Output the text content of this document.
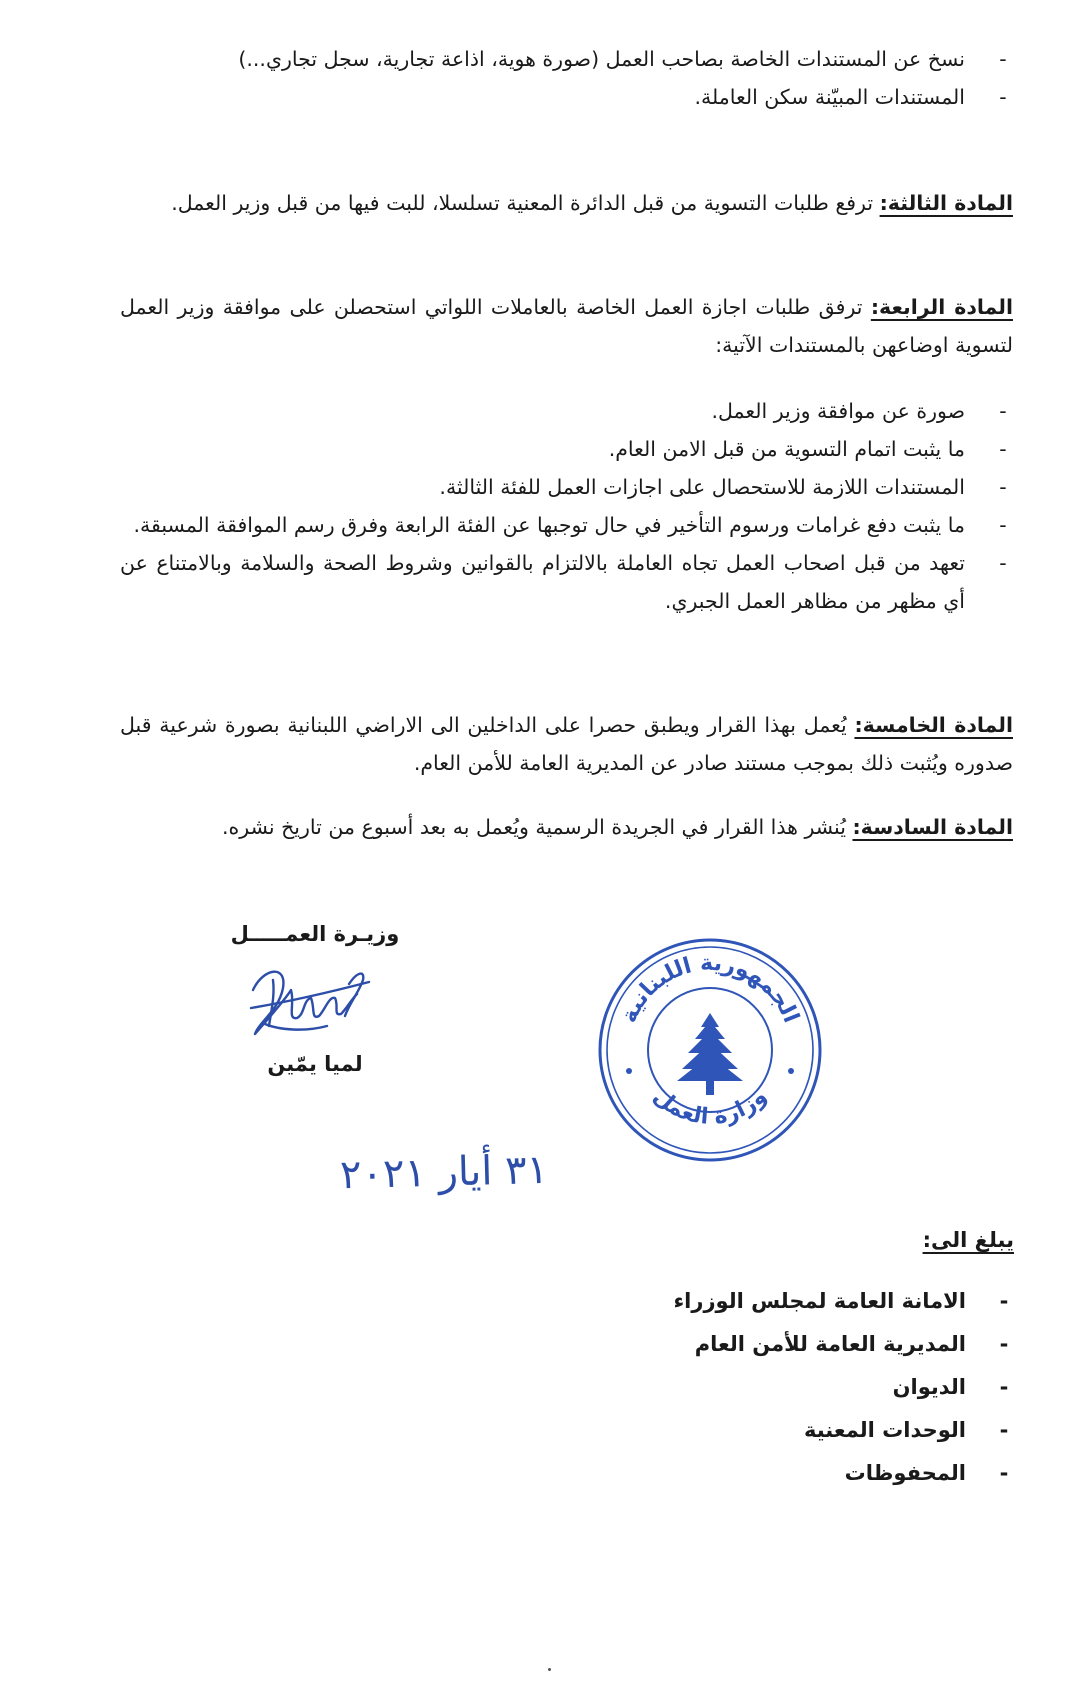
-
نسخ عن المستندات الخاصة بصاحب العمل (صورة هوية، اذاعة تجارية، سجل تجاري...)
-
المستندات المبيّنة سكن العاملة.
المادة الثالثة: ترفع طلبات التسوية من قبل الدائرة المعنية تسلسلا، للبت فيها من قبل وزير العمل.
المادة الرابعة: ترفق طلبات اجازة العمل الخاصة بالعاملات اللواتي استحصلن على موافقة وزير العمل لتسوية اوضاعهن بالمستندات الآتية:
-
صورة عن موافقة وزير العمل.
-
ما يثبت اتمام التسوية من قبل الامن العام.
-
المستندات اللازمة للاستحصال على اجازات العمل للفئة الثالثة.
-
ما يثبت دفع غرامات ورسوم التأخير في حال توجبها عن الفئة الرابعة وفرق رسم الموافقة المسبقة.
-
تعهد من قبل اصحاب العمل تجاه العاملة بالالتزام بالقوانين وشروط الصحة والسلامة وبالامتناع عن أي مظهر من مظاهر العمل الجبري.
المادة الخامسة: يُعمل بهذا القرار ويطبق حصرا على الداخلين الى الاراضي اللبنانية بصورة شرعية قبل صدوره ويُثبت ذلك بموجب مستند صادر عن المديرية العامة للأمن العام.
المادة السادسة: يُنشر هذا القرار في الجريدة الرسمية ويُعمل به بعد أسبوع من تاريخ نشره.
وزيـرة العمـــــل
لميا يمّين
الجمهورية اللبنانية
وزارة العمل
٣١ أيار ٢٠٢١
يبلغ الى:
-
الامانة العامة لمجلس الوزراء
-
المديرية العامة للأمن العام
-
الديوان
-
الوحدات المعنية
-
المحفوظات
